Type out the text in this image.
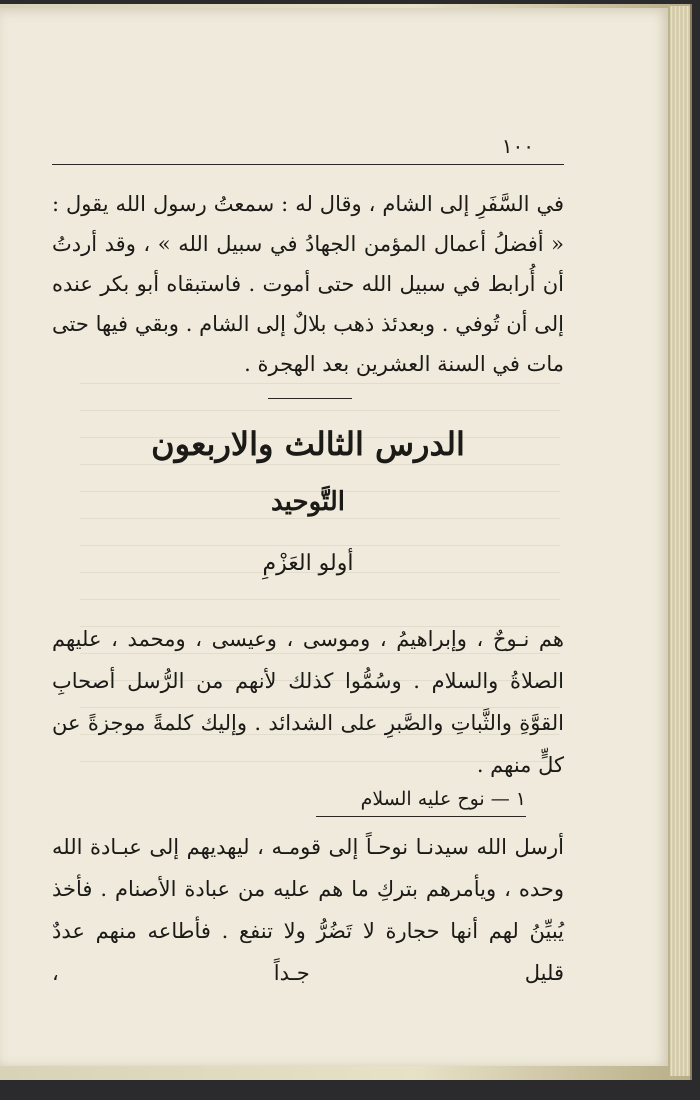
١٠٠
في السَّفَرِ إلى الشام ، وقال له : سمعتُ رسول الله يقول : « أفضلُ أعمال المؤمن الجهادُ في سبيل الله » ، وقد أردتُ أن أُرابط في سبيل الله حتى أموت . فاستبقاه أبو بكر عنده إلى أن تُوفي . وبعدئذ ذهب بلالٌ إلى الشام . وبقي فيها حتى مات في السنة العشرين بعد الهجرة .
الدرس الثالث والاربعون
التَّوحيد
أولو العَزْمِ
هم نـوحٌ ، وإبراهيمُ ، وموسى ، وعيسى ، ومحمد ، عليهم الصلاةُ والسلام . وسُمُّوا كذلك لأنهم من الرُّسل أصحابِ القوَّةِ والثَّباتِ والصَّبرِ على الشدائد . وإليك كلمةً موجزةً عن كلٍّ منهم .
١ — نوح عليه السلام
أرسل الله سيدنـا نوحـاً إلى قومـه ، ليهديهم إلى عبـادة الله وحده ، ويأمرهم بتركِ ما هم عليه من عبادة الأصنام . فأخذ يُبيِّنُ لهم أنها حجارة لا تَضُرُّ ولا تنفع . فأطاعه منهم عددٌ قليل جـداً ،
